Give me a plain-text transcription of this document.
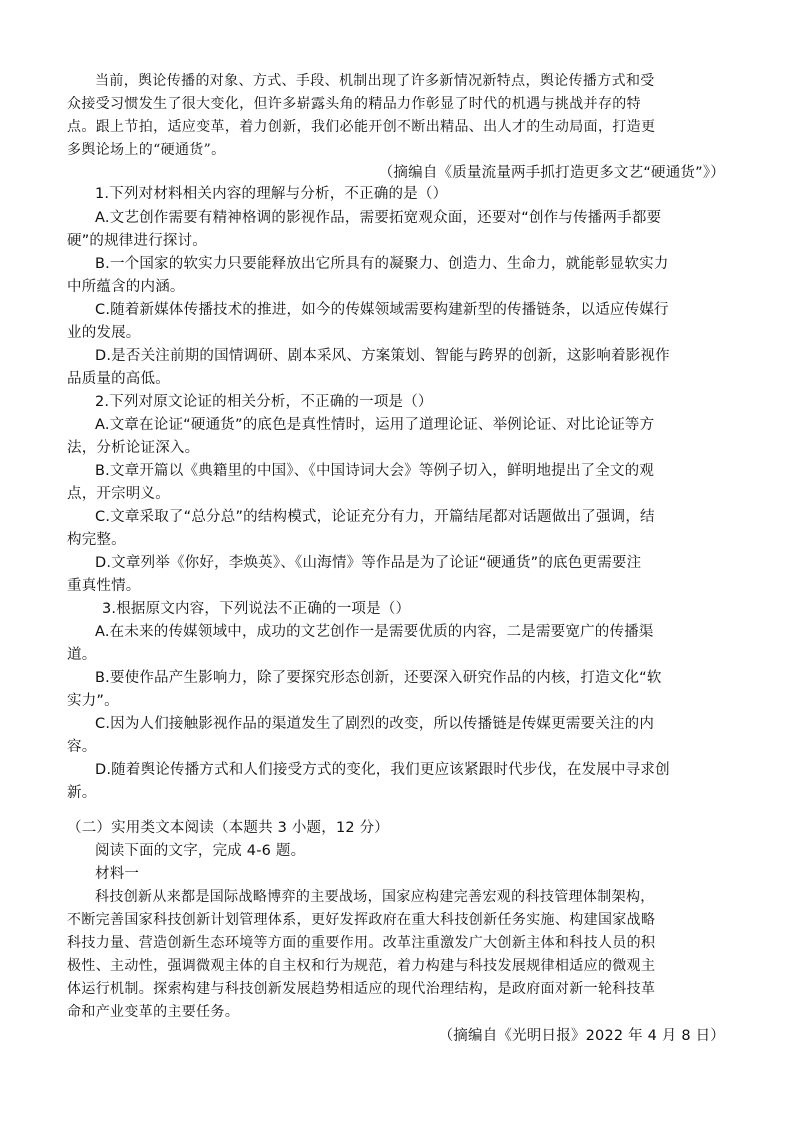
当前，舆论传播的对象、方式、手段、机制出现了许多新情况新特点，舆论传播方式和受
众接受习惯发生了很大变化，但许多崭露头角的精品力作彰显了时代的机遇与挑战并存的特
点。跟上节拍，适应变革，着力创新，我们必能开创不断出精品、出人才的生动局面，打造更
多舆论场上的“硬通货”。
（摘编自《质量流量两手抓打造更多文艺“硬通货”》）
1.下列对材料相关内容的理解与分析，不正确的是（）
A.文艺创作需要有精神格调的影视作品，需要拓宽观众面，还要对“创作与传播两手都要
硬”的规律进行探讨。
B.一个国家的软实力只要能释放出它所具有的凝聚力、创造力、生命力，就能彰显软实力
中所蕴含的内涵。
C.随着新媒体传播技术的推进，如今的传媒领域需要构建新型的传播链条，以适应传媒行
业的发展。
D.是否关注前期的国情调研、剧本采风、方案策划、智能与跨界的创新，这影响着影视作
品质量的高低。
2.下列对原文论证的相关分析，不正确的一项是（）
A.文章在论证“硬通货”的底色是真性情时，运用了道理论证、举例论证、对比论证等方
法，分析论证深入。
B.文章开篇以《典籍里的中国》、《中国诗词大会》等例子切入，鲜明地提出了全文的观
点，开宗明义。
C.文章采取了“总分总”的结构模式，论证充分有力，开篇结尾都对话题做出了强调，结
构完整。
D.文章列举《你好，李焕英》、《山海情》等作品是为了论证“硬通货”的底色更需要注
重真性情。
3.根据原文内容，下列说法不正确的一项是（）
A.在未来的传媒领域中，成功的文艺创作一是需要优质的内容，二是需要宽广的传播渠
道。
B.要使作品产生影响力，除了要探究形态创新，还要深入研究作品的内核，打造文化“软
实力”。
C.因为人们接触影视作品的渠道发生了剧烈的改变，所以传播链是传媒更需要关注的内
容。
D.随着舆论传播方式和人们接受方式的变化，我们更应该紧跟时代步伐，在发展中寻求创
新。
（二）实用类文本阅读（本题共 3 小题，12 分）
阅读下面的文字，完成 4-6 题。
材料一
科技创新从来都是国际战略博弈的主要战场，国家应构建完善宏观的科技管理体制架构，
不断完善国家科技创新计划管理体系，更好发挥政府在重大科技创新任务实施、构建国家战略
科技力量、营造创新生态环境等方面的重要作用。改革注重激发广大创新主体和科技人员的积
极性、主动性，强调微观主体的自主权和行为规范，着力构建与科技发展规律相适应的微观主
体运行机制。探索构建与科技创新发展趋势相适应的现代治理结构，是政府面对新一轮科技革
命和产业变革的主要任务。
（摘编自《光明日报》2022 年 4 月 8 日）
